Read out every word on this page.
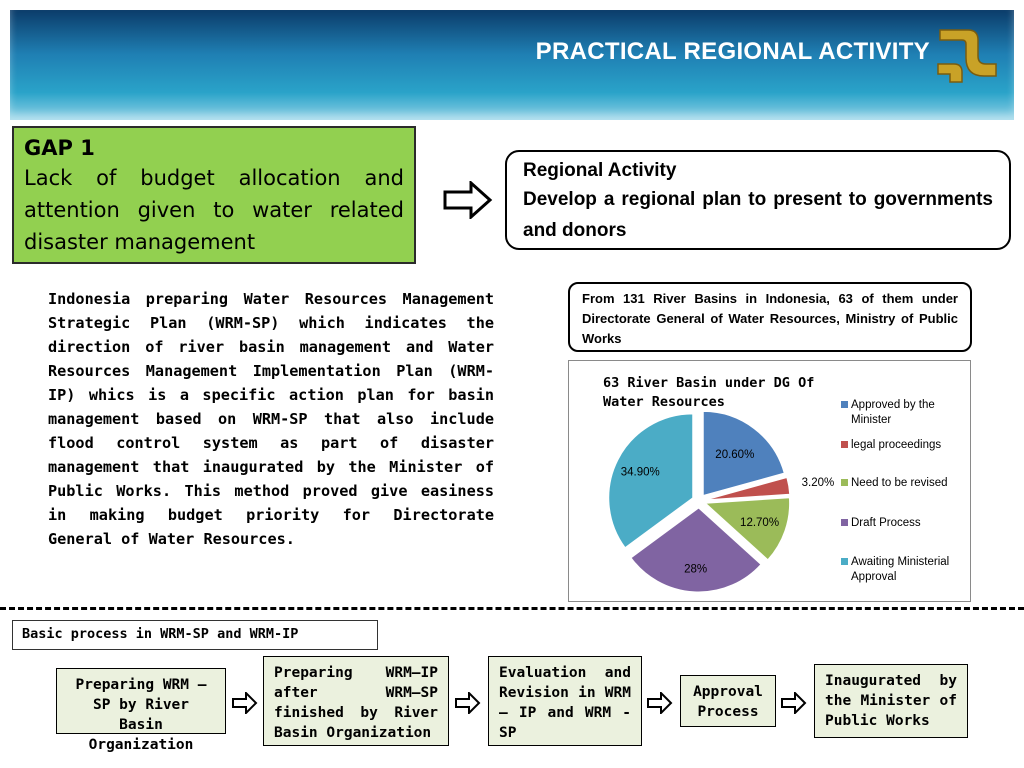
PRACTICAL REGIONAL ACTIVITY
GAP 1
Lack of budget allocation and attention given to water related disaster management
Regional Activity
Develop a regional plan to present to governments and donors
Indonesia preparing Water Resources Management Strategic Plan (WRM-SP) which indicates the direction of river basin management and Water Resources Management Implementation Plan (WRM-IP) whics is a specific action plan for basin management based on WRM-SP that also include flood control system as part of disaster management that inaugurated by the Minister of Public Works. This method proved give easiness in making budget priority for Directorate General of Water Resources.
From 131 River Basins in Indonesia, 63 of them under Directorate General of Water Resources, Ministry of Public Works
63 River Basin under DG Of Water Resources
20.60%
3.20%
12.70%
28%
34.90%
Approved by the Minister
legal proceedings
Need to be revised
Draft Process
Awaiting Ministerial Approval
Basic process in WRM-SP and WRM-IP
Preparing WRM – SP by River Basin Organization
Preparing WRM–IP after WRM–SP finished by River Basin Organization
Evaluation and Revision in WRM – IP and WRM - SP
Approval Process
Inaugurated by the Minister of Public Works
